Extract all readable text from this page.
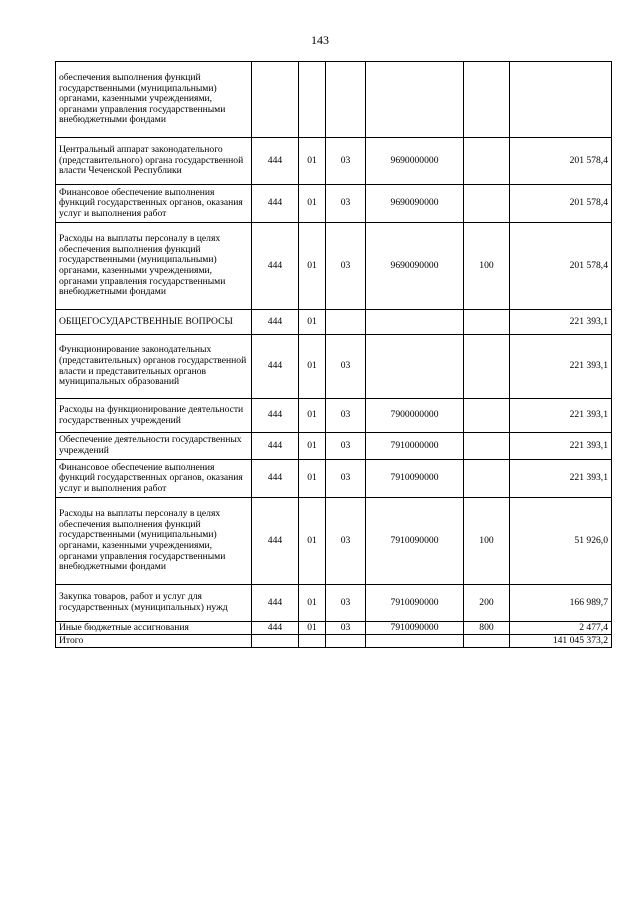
143
обеспечения выполнения функций государственными (муниципальными) органами, казенными учреждениями, органами управления государственными внебюджетными фондами						
Центральный аппарат законодательного (представительного) органа государственной власти Чеченской Республики	444	01	03	9690000000		201 578,4
Финансовое обеспечение выполнения функций государственных органов, оказания услуг и выполнения работ	444	01	03	9690090000		201 578,4
Расходы на выплаты персоналу в целях обеспечения выполнения функций государственными (муниципальными) органами, казенными учреждениями, органами управления государственными внебюджетными фондами	444	01	03	9690090000	100	201 578,4
ОБЩЕГОСУДАРСТВЕННЫЕ ВОПРОСЫ	444	01				221 393,1
Функционирование законодательных (представительных) органов государственной власти и представительных органов муниципальных образований	444	01	03			221 393,1
Расходы на функционирование деятельности государственных учреждений	444	01	03	7900000000		221 393,1
Обеспечение деятельности государственных учреждений	444	01	03	7910000000		221 393,1
Финансовое обеспечение выполнения функций государственных органов, оказания услуг и выполнения работ	444	01	03	7910090000		221 393,1
Расходы на выплаты персоналу в целях обеспечения выполнения функций государственными (муниципальными) органами, казенными учреждениями, органами управления государственными внебюджетными фондами	444	01	03	7910090000	100	51 926,0
Закупка товаров, работ и услуг для государственных (муниципальных) нужд	444	01	03	7910090000	200	166 989,7
Иные бюджетные ассигнования	444	01	03	7910090000	800	2 477,4
Итого						141 045 373,2
